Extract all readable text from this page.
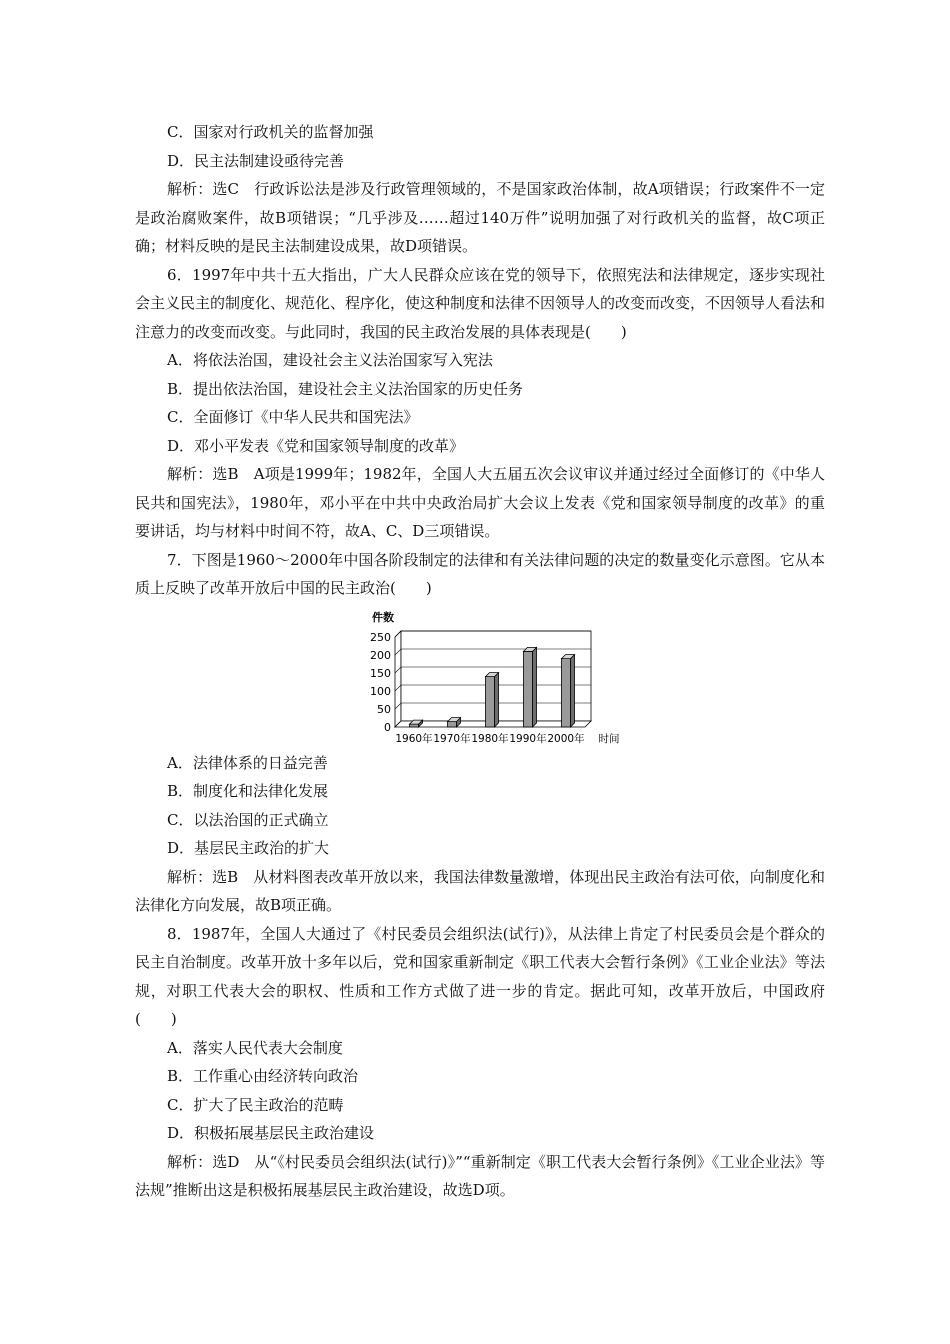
C．国家对行政机关的监督加强

D．民主法制建设亟待完善

解析：选C　行政诉讼法是涉及行政管理领域的，不是国家政治体制，故A项错误；行政案件不一定是政治腐败案件，故B项错误；“几乎涉及……超过140万件”说明加强了对行政机关的监督，故C项正确；材料反映的是民主法制建设成果，故D项错误。

6．1997年中共十五大指出，广大人民群众应该在党的领导下，依照宪法和法律规定，逐步实现社会主义民主的制度化、规范化、程序化，使这种制度和法律不因领导人的改变而改变，不因领导人看法和注意力的改变而改变。与此同时，我国的民主政治发展的具体表现是(　　)

A．将依法治国，建设社会主义法治国家写入宪法

B．提出依法治国，建设社会主义法治国家的历史任务

C．全面修订《中华人民共和国宪法》

D．邓小平发表《党和国家领导制度的改革》

解析：选B　A项是1999年；1982年，全国人大五届五次会议审议并通过经过全面修订的《中华人民共和国宪法》，1980年，邓小平在中共中央政治局扩大会议上发表《党和国家领导制度的改革》的重要讲话，均与材料中时间不符，故A、C、D三项错误。

7．下图是1960～2000年中国各阶段制定的法律和有关法律问题的决定的数量变化示意图。它从本质上反映了改革开放后中国的民主政治(　　)

0
50
100
150
200
250
件数
1960年 1970年 1980年 1990年 2000年 时间

A．法律体系的日益完善

B．制度化和法律化发展

C．以法治国的正式确立

D．基层民主政治的扩大

解析：选B　从材料图表改革开放以来，我国法律数量激增，体现出民主政治有法可依，向制度化和法律化方向发展，故B项正确。

8．1987年，全国人大通过了《村民委员会组织法(试行)》，从法律上肯定了村民委员会是个群众的民主自治制度。改革开放十多年以后，党和国家重新制定《职工代表大会暂行条例》《工业企业法》等法规，对职工代表大会的职权、性质和工作方式做了进一步的肯定。据此可知，改革开放后，中国政府(　　)

A．落实人民代表大会制度

B．工作重心由经济转向政治

C．扩大了民主政治的范畴

D．积极拓展基层民主政治建设

解析：选D　从“《村民委员会组织法(试行)》”“重新制定《职工代表大会暂行条例》《工业企业法》等法规”推断出这是积极拓展基层民主政治建设，故选D项。
